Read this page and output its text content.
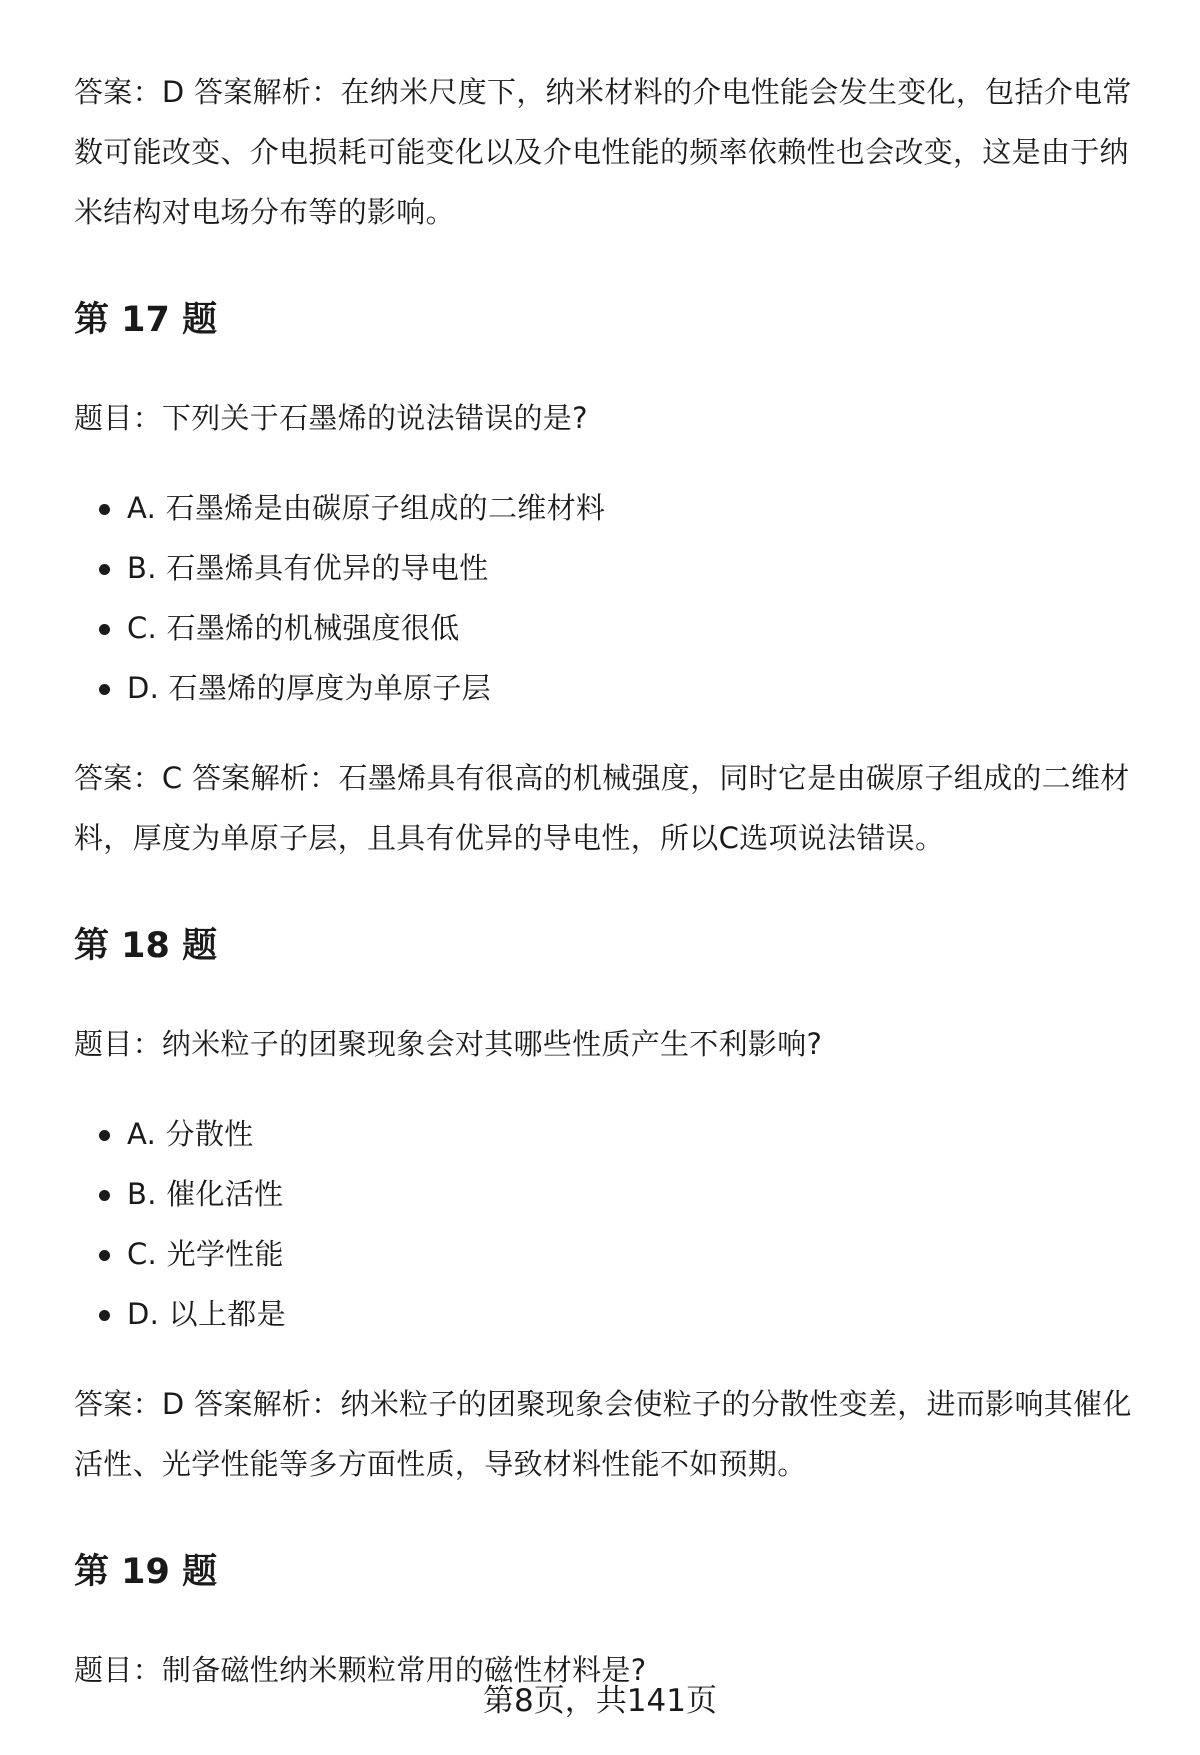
答案：D 答案解析：在纳米尺度下，纳米材料的介电性能会发生变化，包括介电常数可能改变、介电损耗可能变化以及介电性能的频率依赖性也会改变，这是由于纳米结构对电场分布等的影响。

第 17 题

题目：下列关于石墨烯的说法错误的是?

A. 石墨烯是由碳原子组成的二维材料
B. 石墨烯具有优异的导电性
C. 石墨烯的机械强度很低
D. 石墨烯的厚度为单原子层

答案：C 答案解析：石墨烯具有很高的机械强度，同时它是由碳原子组成的二维材料，厚度为单原子层，且具有优异的导电性，所以C选项说法错误。

第 18 题

题目：纳米粒子的团聚现象会对其哪些性质产生不利影响?

A. 分散性
B. 催化活性
C. 光学性能
D. 以上都是

答案：D 答案解析：纳米粒子的团聚现象会使粒子的分散性变差，进而影响其催化活性、光学性能等多方面性质，导致材料性能不如预期。

第 19 题

题目：制备磁性纳米颗粒常用的磁性材料是?

第8页，共141页
